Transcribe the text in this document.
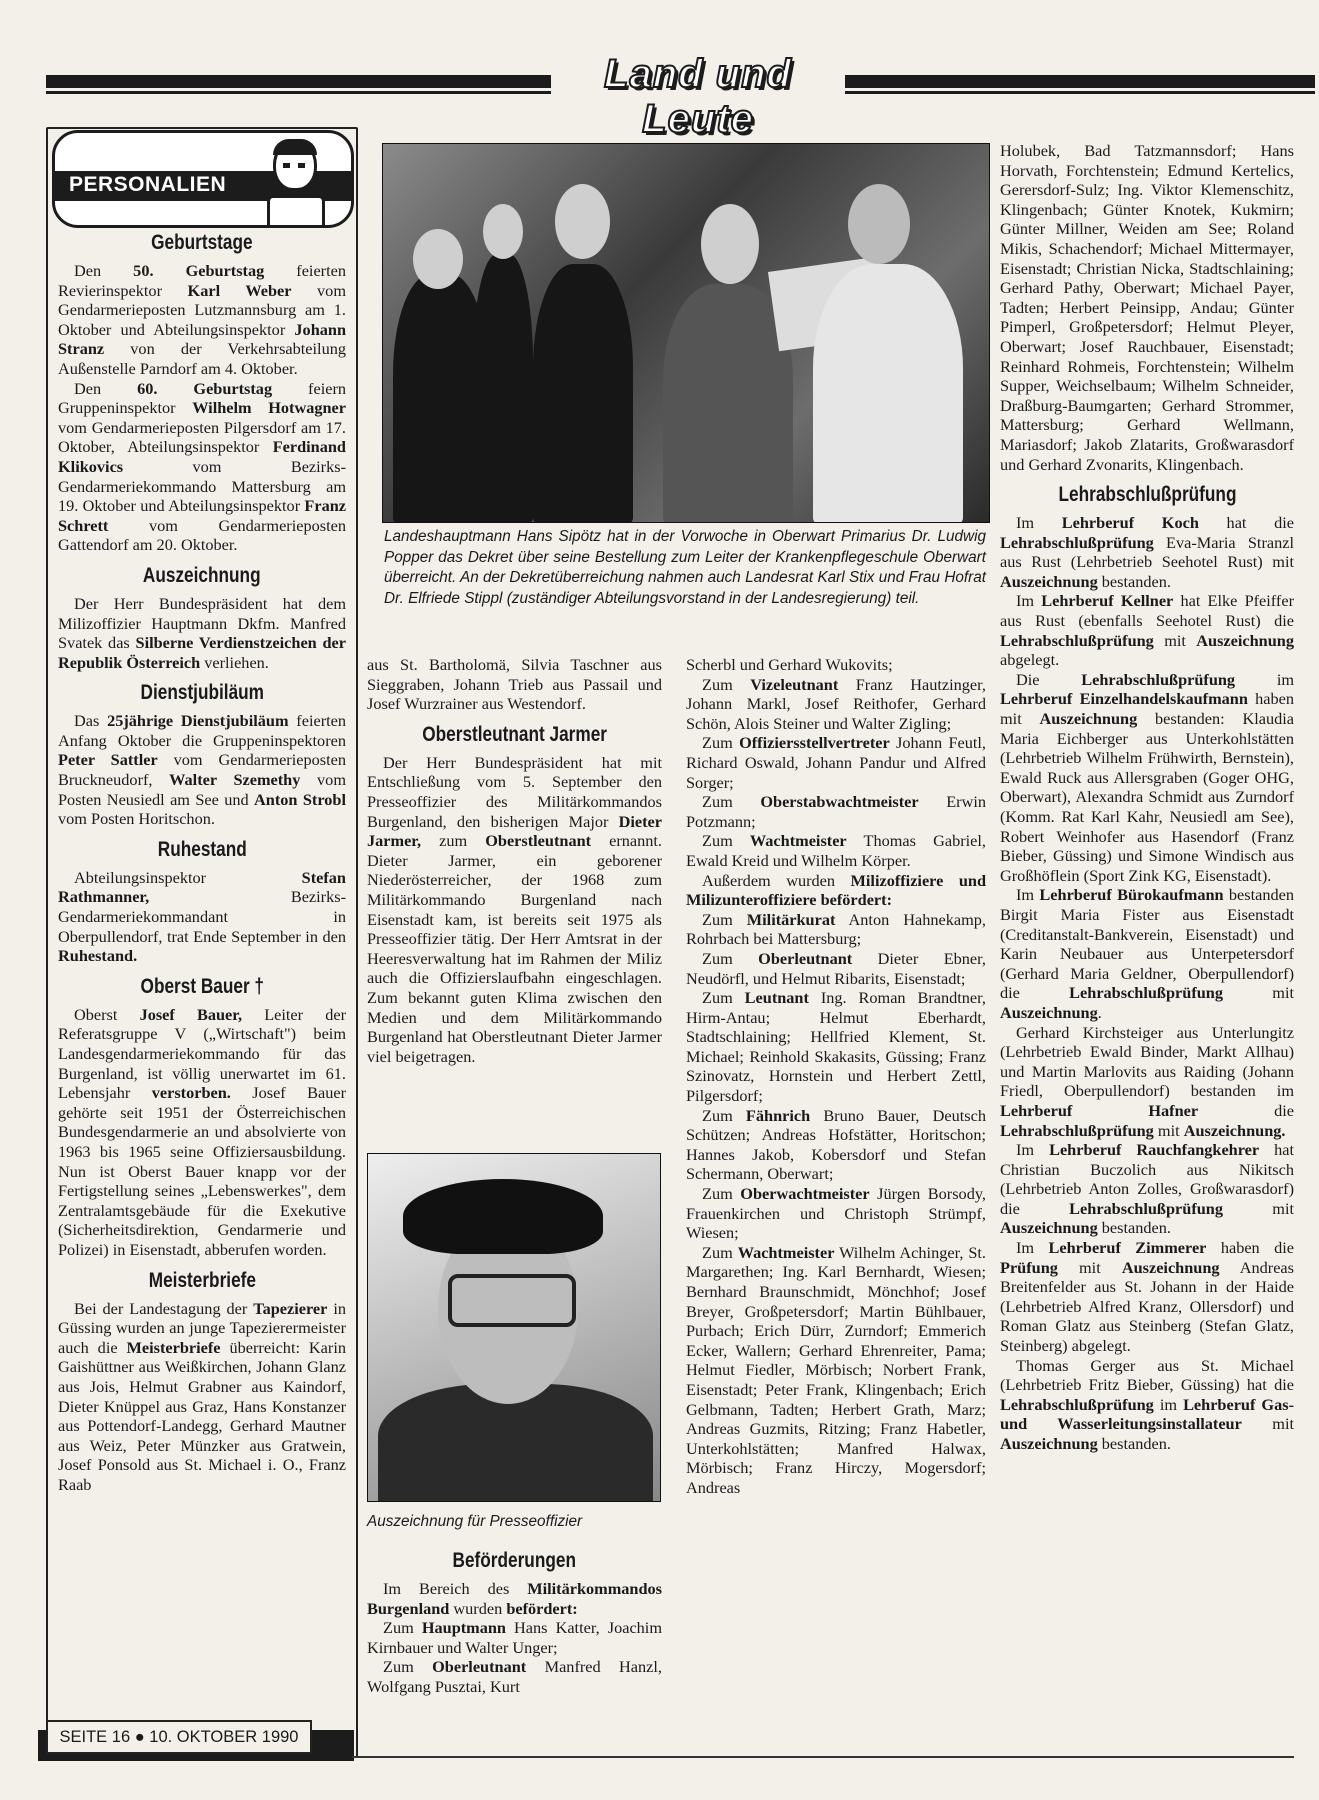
Land und Leute
PERSONALIEN
Geburtstage

Den 50. Geburtstag feierten Revierinspektor Karl Weber vom Gendarmerieposten Lutzmannsburg am 1. Oktober und Abteilungsinspektor Johann Stranz von der Verkehrsabteilung Außenstelle Parndorf am 4. Oktober.

Den 60. Geburtstag feiern Gruppeninspektor Wilhelm Hotwagner vom Gendarmerieposten Pilgersdorf am 17. Oktober, Abteilungsinspektor Ferdinand Klikovics vom Bezirks-Gendarmeriekommando Mattersburg am 19. Oktober und Abteilungsinspektor Franz Schrett vom Gendarmerieposten Gattendorf am 20. Oktober.

Auszeichnung

Der Herr Bundespräsident hat dem Milizoffizier Hauptmann Dkfm. Manfred Svatek das Silberne Verdienstzeichen der Republik Österreich verliehen.

Dienstjubiläum

Das 25jährige Dienstjubiläum feierten Anfang Oktober die Gruppeninspektoren Peter Sattler vom Gendarmerieposten Bruckneudorf, Walter Szemethy vom Posten Neusiedl am See und Anton Strobl vom Posten Horitschon.

Ruhestand

Abteilungsinspektor Stefan Rathmanner, Bezirks-Gendarmeriekommandant in Oberpullendorf, trat Ende September in den Ruhestand.

Oberst Bauer †

Oberst Josef Bauer, Leiter der Referatsgruppe V („Wirtschaft") beim Landesgendarmeriekommando für das Burgenland, ist völlig unerwartet im 61. Lebensjahr verstorben. Josef Bauer gehörte seit 1951 der Österreichischen Bundesgendarmerie an und absolvierte von 1963 bis 1965 seine Offiziersausbildung. Nun ist Oberst Bauer knapp vor der Fertigstellung seines „Lebenswerkes", dem Zentralamtsgebäude für die Exekutive (Sicherheitsdirektion, Gendarmerie und Polizei) in Eisenstadt, abberufen worden.

Meisterbriefe

Bei der Landestagung der Tapezierer in Güssing wurden an junge Tapezierermeister auch die Meisterbriefe überreicht: Karin Gaishüttner aus Weißkirchen, Johann Glanz aus Jois, Helmut Grabner aus Kaindorf, Dieter Knüppel aus Graz, Hans Konstanzer aus Pottendorf-Landegg, Gerhard Mautner aus Weiz, Peter Münzker aus Gratwein, Josef Ponsold aus St. Michael i. O., Franz Raab

Landeshauptmann Hans Sipötz hat in der Vorwoche in Oberwart Primarius Dr. Ludwig Popper das Dekret über seine Bestellung zum Leiter der Krankenpflegeschule Oberwart überreicht. An der Dekretüberreichung nahmen auch Landesrat Karl Stix und Frau Hofrat Dr. Elfriede Stippl (zuständiger Abteilungsvorstand in der Landesregierung) teil.

aus St. Bartholomä, Silvia Taschner aus Sieggraben, Johann Trieb aus Passail und Josef Wurzrainer aus Westendorf.

Oberstleutnant Jarmer

Der Herr Bundespräsident hat mit Entschließung vom 5. September den Presseoffizier des Militärkommandos Burgenland, den bisherigen Major Dieter Jarmer, zum Oberstleutnant ernannt. Dieter Jarmer, ein geborener Niederösterreicher, der 1968 zum Militärkommando Burgenland nach Eisenstadt kam, ist bereits seit 1975 als Presseoffizier tätig. Der Herr Amtsrat in der Heeresverwaltung hat im Rahmen der Miliz auch die Offizierslaufbahn eingeschlagen. Zum bekannt guten Klima zwischen den Medien und dem Militärkommando Burgenland hat Oberstleutnant Dieter Jarmer viel beigetragen.

Auszeichnung für Presseoffizier
Beförderungen

Im Bereich des Militärkommandos Burgenland wurden befördert:

Zum Hauptmann Hans Katter, Joachim Kirnbauer und Walter Unger;

Zum Oberleutnant Manfred Hanzl, Wolfgang Pusztai, Kurt

Scherbl und Gerhard Wukovits;

Zum Vizeleutnant Franz Hautzinger, Johann Markl, Josef Reithofer, Gerhard Schön, Alois Steiner und Walter Zigling;

Zum Offiziersstellvertreter Johann Feutl, Richard Oswald, Johann Pandur und Alfred Sorger;

Zum Oberstabwachtmeister Erwin Potzmann;

Zum Wachtmeister Thomas Gabriel, Ewald Kreid und Wilhelm Körper.

Außerdem wurden Milizoffiziere und Milizunteroffiziere befördert:

Zum Militärkurat Anton Hahnekamp, Rohrbach bei Mattersburg;

Zum Oberleutnant Dieter Ebner, Neudörfl, und Helmut Ribarits, Eisenstadt;

Zum Leutnant Ing. Roman Brandtner, Hirm-Antau; Helmut Eberhardt, Stadtschlaining; Hellfried Klement, St. Michael; Reinhold Skakasits, Güssing; Franz Szinovatz, Hornstein und Herbert Zettl, Pilgersdorf;

Zum Fähnrich Bruno Bauer, Deutsch Schützen; Andreas Hofstätter, Horitschon; Hannes Jakob, Kobersdorf und Stefan Schermann, Oberwart;

Zum Oberwachtmeister Jürgen Borsody, Frauenkirchen und Christoph Strümpf, Wiesen;

Zum Wachtmeister Wilhelm Achinger, St. Margarethen; Ing. Karl Bernhardt, Wiesen; Bernhard Braunschmidt, Mönchhof; Josef Breyer, Großpetersdorf; Martin Bühlbauer, Purbach; Erich Dürr, Zurndorf; Emmerich Ecker, Wallern; Gerhard Ehrenreiter, Pama; Helmut Fiedler, Mörbisch; Norbert Frank, Eisenstadt; Peter Frank, Klingenbach; Erich Gelbmann, Tadten; Herbert Grath, Marz; Andreas Guzmits, Ritzing; Franz Habetler, Unterkohlstätten; Manfred Halwax, Mörbisch; Franz Hirczy, Mogersdorf; Andreas

Holubek, Bad Tatzmannsdorf; Hans Horvath, Forchtenstein; Edmund Kertelics, Gerersdorf-Sulz; Ing. Viktor Klemenschitz, Klingenbach; Günter Knotek, Kukmirn; Günter Millner, Weiden am See; Roland Mikis, Schachendorf; Michael Mittermayer, Eisenstadt; Christian Nicka, Stadtschlaining; Gerhard Pathy, Oberwart; Michael Payer, Tadten; Herbert Peinsipp, Andau; Günter Pimperl, Großpetersdorf; Helmut Pleyer, Oberwart; Josef Rauchbauer, Eisenstadt; Reinhard Rohmeis, Forchtenstein; Wilhelm Supper, Weichselbaum; Wilhelm Schneider, Draßburg-Baumgarten; Gerhard Strommer, Mattersburg; Gerhard Wellmann, Mariasdorf; Jakob Zlatarits, Großwarasdorf und Gerhard Zvonarits, Klingenbach.

Lehrabschlußprüfung

Im Lehrberuf Koch hat die Lehrabschlußprüfung Eva-Maria Stranzl aus Rust (Lehrbetrieb Seehotel Rust) mit Auszeichnung bestanden.

Im Lehrberuf Kellner hat Elke Pfeiffer aus Rust (ebenfalls Seehotel Rust) die Lehrabschlußprüfung mit Auszeichnung abgelegt.

Die Lehrabschlußprüfung im Lehrberuf Einzelhandelskaufmann haben mit Auszeichnung bestanden: Klaudia Maria Eichberger aus Unterkohlstätten (Lehrbetrieb Wilhelm Frühwirth, Bernstein), Ewald Ruck aus Allersgraben (Goger OHG, Oberwart), Alexandra Schmidt aus Zurndorf (Komm. Rat Karl Kahr, Neusiedl am See), Robert Weinhofer aus Hasendorf (Franz Bieber, Güssing) und Simone Windisch aus Großhöflein (Sport Zink KG, Eisenstadt).

Im Lehrberuf Bürokaufmann bestanden Birgit Maria Fister aus Eisenstadt (Creditanstalt-Bankverein, Eisenstadt) und Karin Neubauer aus Unterpetersdorf (Gerhard Maria Geldner, Oberpullendorf) die Lehrabschlußprüfung mit Auszeichnung.

Gerhard Kirchsteiger aus Unterlungitz (Lehrbetrieb Ewald Binder, Markt Allhau) und Martin Marlovits aus Raiding (Johann Friedl, Oberpullendorf) bestanden im Lehrberuf Hafner die Lehrabschlußprüfung mit Auszeichnung.

Im Lehrberuf Rauchfangkehrer hat Christian Buczolich aus Nikitsch (Lehrbetrieb Anton Zolles, Großwarasdorf) die Lehrabschlußprüfung mit Auszeichnung bestanden.

Im Lehrberuf Zimmerer haben die Prüfung mit Auszeichnung Andreas Breitenfelder aus St. Johann in der Haide (Lehrbetrieb Alfred Kranz, Ollersdorf) und Roman Glatz aus Steinberg (Stefan Glatz, Steinberg) abgelegt.

Thomas Gerger aus St. Michael (Lehrbetrieb Fritz Bieber, Güssing) hat die Lehrabschlußprüfung im Lehrberuf Gas- und Wasserleitungsinstallateur mit Auszeichnung bestanden.

SEITE 16 ● 10. OKTOBER 1990
